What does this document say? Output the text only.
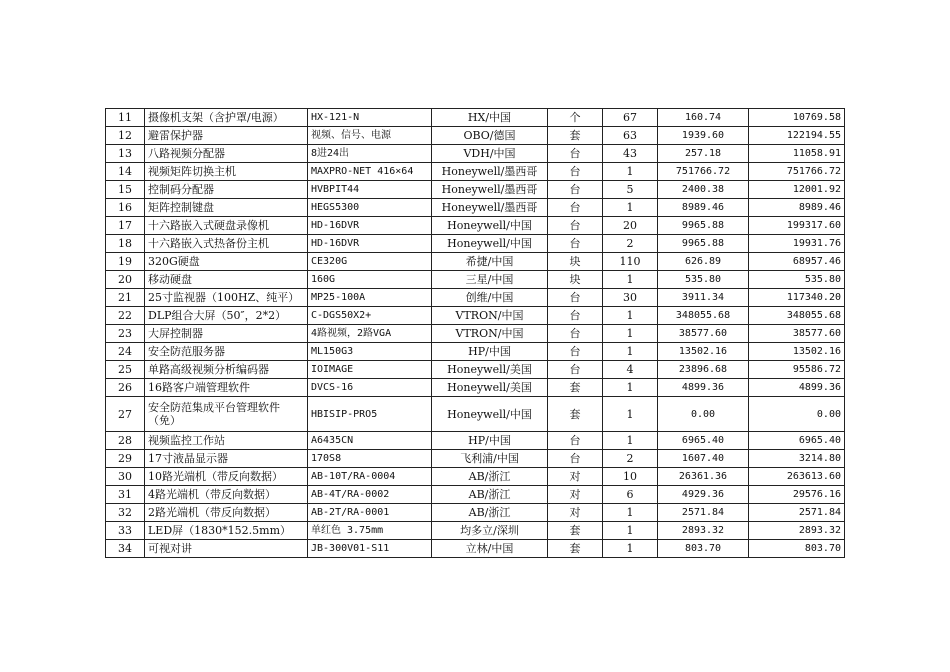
11	摄像机支架（含护罩/电源）	HX-121-N	HX/中国	个	67	160.74	10769.58
12	避雷保护器	视频、信号、电源	OBO/德国	套	63	1939.60	122194.55
13	八路视频分配器	8进24出	VDH/中国	台	43	257.18	11058.91
14	视频矩阵切换主机	MAXPRO-NET 416×64	Honeywell/墨西哥	台	1	751766.72	751766.72
15	控制码分配器	HVBPIT44	Honeywell/墨西哥	台	5	2400.38	12001.92
16	矩阵控制键盘	HEGS5300	Honeywell/墨西哥	台	1	8989.46	8989.46
17	十六路嵌入式硬盘录像机	HD-16DVR	Honeywell/中国	台	20	9965.88	199317.60
18	十六路嵌入式热备份主机	HD-16DVR	Honeywell/中国	台	2	9965.88	19931.76
19	320G硬盘	CE320G	希捷/中国	块	110	626.89	68957.46
20	移动硬盘	160G	三星/中国	块	1	535.80	535.80
21	25寸监视器（100HZ、纯平）	MP25-100A	创维/中国	台	30	3911.34	117340.20
22	DLP组合大屏（50″，2*2）	C-DGS50X2+	VTRON/中国	台	1	348055.68	348055.68
23	大屏控制器	4路视频，2路VGA	VTRON/中国	台	1	38577.60	38577.60
24	安全防范服务器	ML150G3	HP/中国	台	1	13502.16	13502.16
25	单路高级视频分析编码器	IOIMAGE	Honeywell/美国	台	4	23896.68	95586.72
26	16路客户端管理软件	DVCS-16	Honeywell/美国	套	1	4899.36	4899.36
27	安全防范集成平台管理软件（免）	HBISIP-PRO5	Honeywell/中国	套	1	0.00	0.00
28	视频监控工作站	A6435CN	HP/中国	台	1	6965.40	6965.40
29	17寸液晶显示器	170S8	飞利浦/中国	台	2	1607.40	3214.80
30	10路光端机（带反向数据）	AB-10T/RA-0004	AB/浙江	对	10	26361.36	263613.60
31	4路光端机（带反向数据）	AB-4T/RA-0002	AB/浙江	对	6	4929.36	29576.16
32	2路光端机（带反向数据）	AB-2T/RA-0001	AB/浙江	对	1	2571.84	2571.84
33	LED屏（1830*152.5mm）	单红色 3.75mm	均多立/深圳	套	1	2893.32	2893.32
34	可视对讲	JB-300V01-S11	立林/中国	套	1	803.70	803.70
